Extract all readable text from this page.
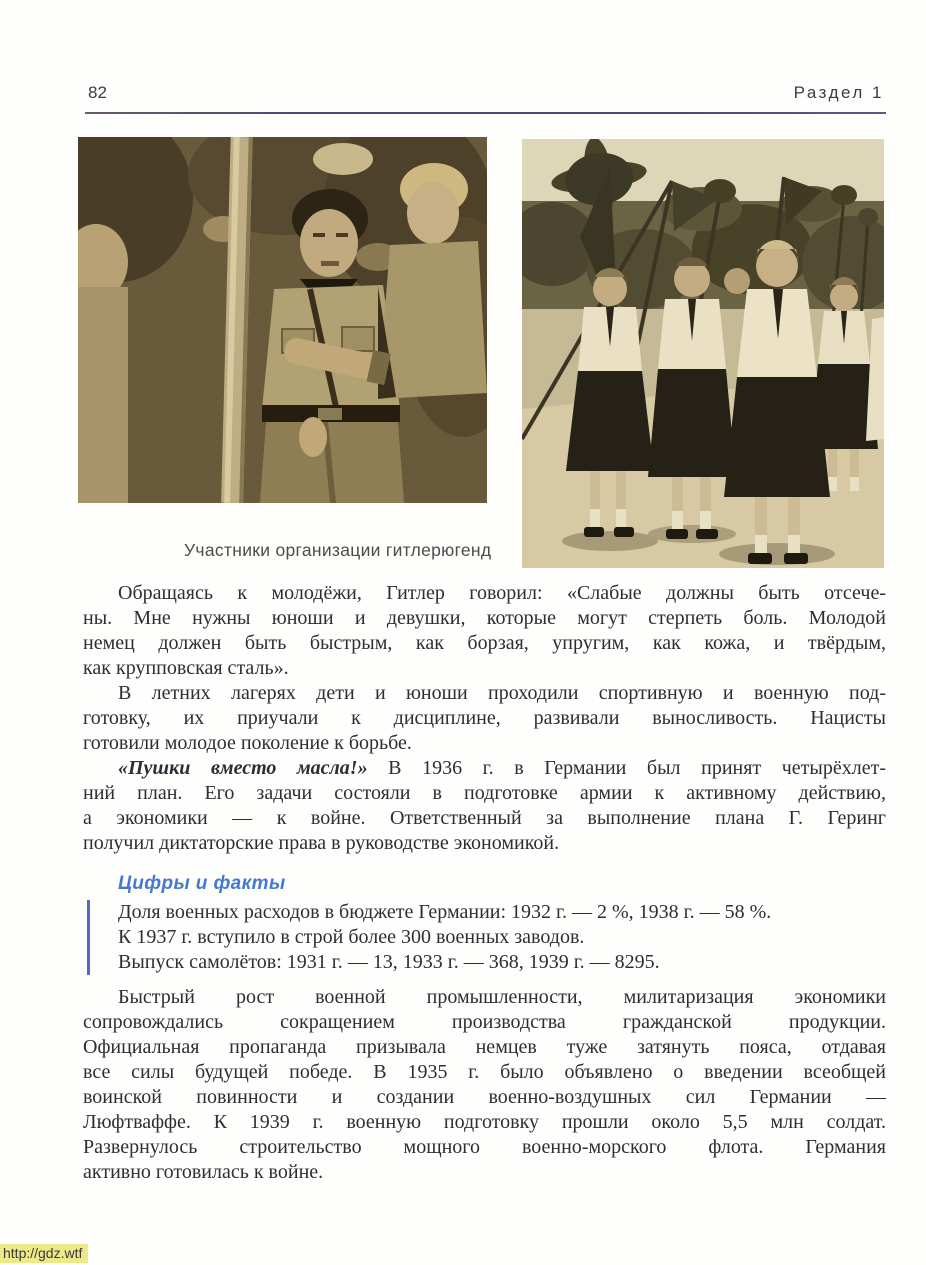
82	Раздел 1
Участники организации гитлерюгенд
Обращаясь к молодёжи, Гитлер говорил: «Слабые должны быть отсече-
ны. Мне нужны юноши и девушки, которые могут стерпеть боль. Молодой
немец должен быть быстрым, как борзая, упругим, как кожа, и твёрдым,
как крупповская сталь».
В летних лагерях дети и юноши проходили спортивную и военную под-
готовку, их приучали к дисциплине, развивали выносливость. Нацисты
готовили молодое поколение к борьбе.
«Пушки вместо масла!» В 1936 г. в Германии был принят четырёхлет-
ний план. Его задачи состояли в подготовке армии к активному действию,
а экономики — к войне. Ответственный за выполнение плана Г. Геринг
получил диктаторские права в руководстве экономикой.
Цифры и факты
Доля военных расходов в бюджете Германии: 1932 г. — 2 %, 1938 г. — 58 %.
К 1937 г. вступило в строй более 300 военных заводов.
Выпуск самолётов: 1931 г. — 13, 1933 г. — 368, 1939 г. — 8295.
Быстрый рост военной промышленности, милитаризация экономики
сопровождались сокращением производства гражданской продукции.
Официальная пропаганда призывала немцев туже затянуть пояса, отдавая
все силы будущей победе. В 1935 г. было объявлено о введении всеобщей
воинской повинности и создании военно-воздушных сил Германии —
Люфтваффе. К 1939 г. военную подготовку прошли около 5,5 млн солдат.
Развернулось строительство мощного военно-морского флота. Германия
активно готовилась к войне.
http://gdz.wtf
